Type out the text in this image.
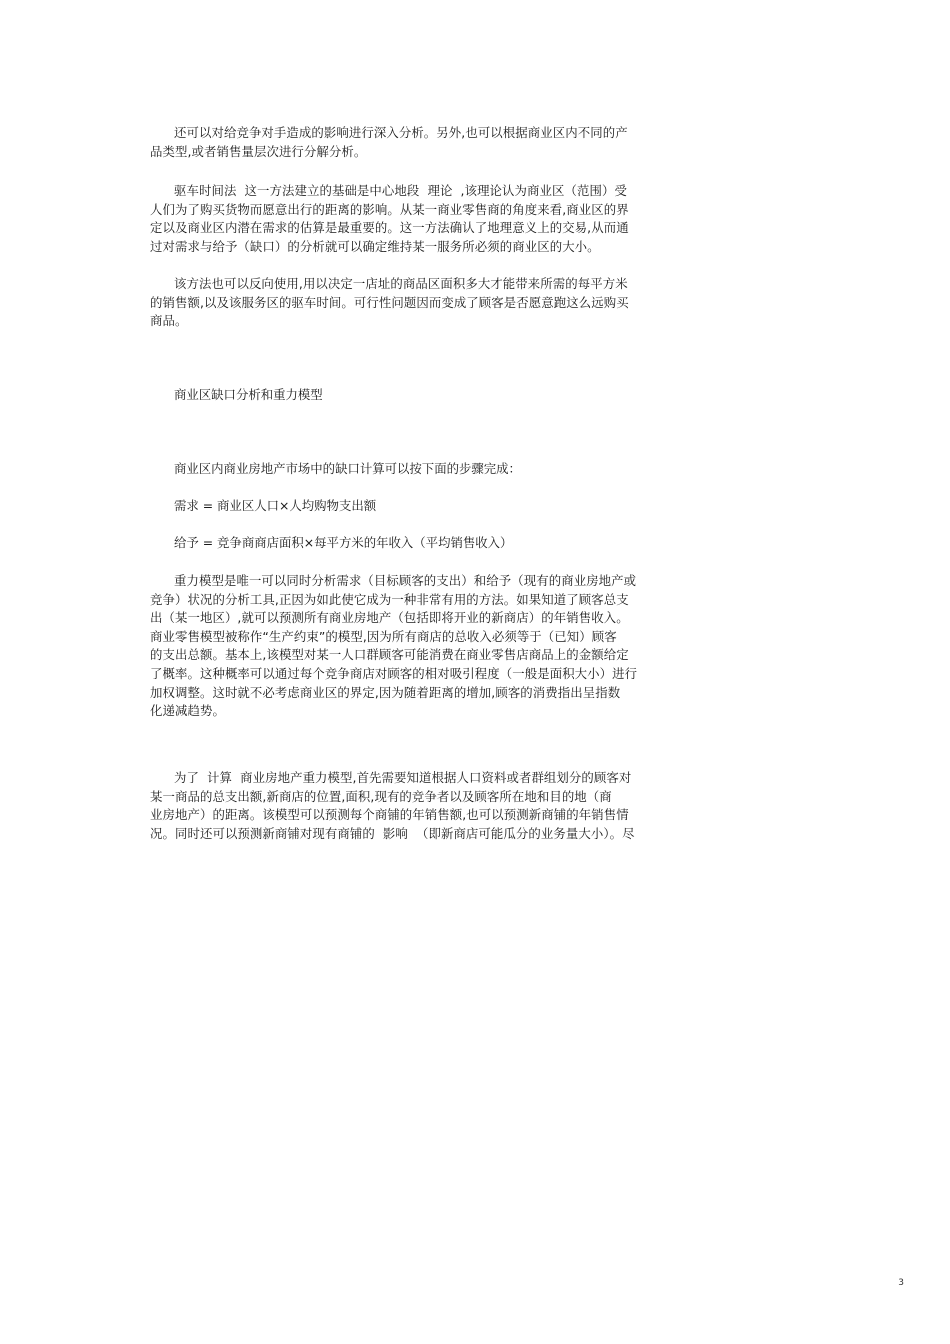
还可以对给竞争对手造成的影响进行深入分析。另外,也可以根据商业区内不同的产
品类型,或者销售量层次进行分解分析。

驱车时间法  这一方法建立的基础是中心地段  理论  ,该理论认为商业区（范围）受
人们为了购买货物而愿意出行的距离的影响。从某一商业零售商的角度来看,商业区的界
定以及商业区内潜在需求的估算是最重要的。这一方法确认了地理意义上的交易,从而通
过对需求与给予（缺口）的分析就可以确定维持某一服务所必须的商业区的大小。

该方法也可以反向使用,用以决定一店址的商品区面积多大才能带来所需的每平方米
的销售额,以及该服务区的驱车时间。可行性问题因而变成了顾客是否愿意跑这么远购买
商品。

商业区缺口分析和重力模型

商业区内商业房地产市场中的缺口计算可以按下面的步骤完成：

需求 = 商业区人口×人均购物支出额

给予 = 竞争商商店面积×每平方米的年收入（平均销售收入）

重力模型是唯一可以同时分析需求（目标顾客的支出）和给予（现有的商业房地产或
竞争）状况的分析工具,正因为如此使它成为一种非常有用的方法。如果知道了顾客总支
出（某一地区）,就可以预测所有商业房地产（包括即将开业的新商店）的年销售收入。
商业零售模型被称作“生产约束”的模型,因为所有商店的总收入必须等于（已知）顾客
的支出总额。基本上,该模型对某一人口群顾客可能消费在商业零售店商品上的金额给定
了概率。这种概率可以通过每个竞争商店对顾客的相对吸引程度（一般是面积大小）进行
加权调整。这时就不必考虑商业区的界定,因为随着距离的增加,顾客的消费指出呈指数
化递减趋势。

为了  计算  商业房地产重力模型,首先需要知道根据人口资料或者群组划分的顾客对
某一商品的总支出额,新商店的位置,面积,现有的竞争者以及顾客所在地和目的地（商
业房地产）的距离。该模型可以预测每个商铺的年销售额,也可以预测新商铺的年销售情
况。同时还可以预测新商铺对现有商铺的  影响  （即新商店可能瓜分的业务量大小）。尽

3
